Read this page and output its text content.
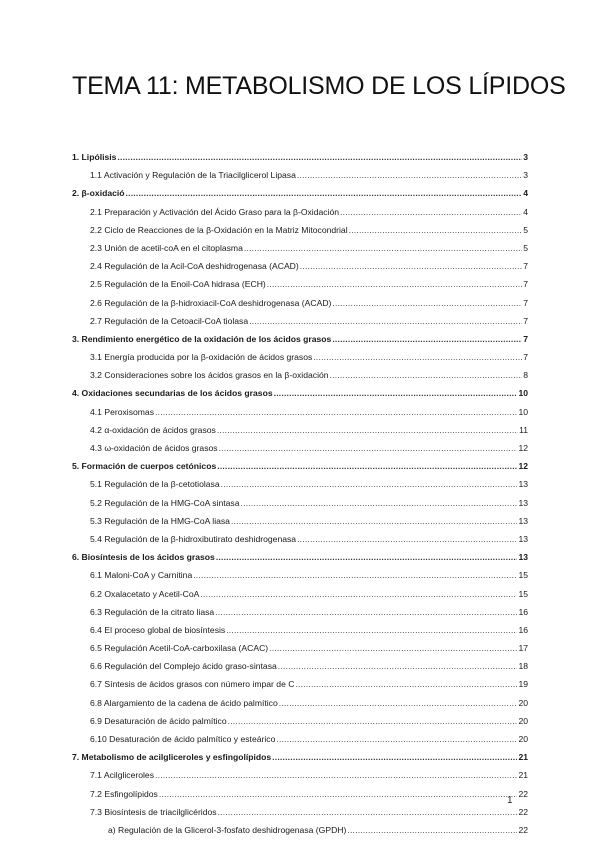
TEMA 11: METABOLISMO DE LOS LÍPIDOS
1. Lipólisis .....	3
1.1 Activación y Regulación de la Triacilglicerol Lipasa .....	3
2. β-oxidació .....	4
2.1 Preparación y Activación del Ácido Graso para la β-Oxidación .....	4
2.2 Ciclo de Reacciones de la β-Oxidación en la Matriz Mitocondrial .....	5
2.3 Unión de acetil-coA en el citoplasma .....	5
2.4 Regulación de la Acil-CoA deshidrogenasa (ACAD) .....	7
2.5 Regulación de la Enoil-CoA hidrasa (ECH) .....	7
2.6 Regulación de la β-hidroxiacil-CoA deshidrogenasa (ACAD) .....	7
2.7 Regulación de la Cetoacil-CoA tiolasa .....	7
3. Rendimiento energético de la oxidación de los ácidos grasos .....	7
3.1 Energía producida por la β-oxidación de ácidos grasos .....	7
3.2 Consideraciones sobre los ácidos grasos en la β-oxidación .....	8
4. Oxidaciones secundarias de los ácidos grasos .....	10
4.1 Peroxisomas .....	10
4.2 α-oxidación de ácidos grasos .....	11
4.3 ω-oxidación de ácidos grasos .....	12
5. Formación de cuerpos cetónicos .....	12
5.1 Regulación de la β-cetotiolasa .....	13
5.2 Regulación de la HMG-CoA sintasa .....	13
5.3 Regulación de la HMG-CoA liasa .....	13
5.4 Regulación de la β-hidroxibutirato deshidrogenasa .....	13
6. Biosíntesis de los ácidos grasos .....	13
6.1 Maloni-CoA y Carnitina .....	15
6.2 Oxalacetato y Acetil-CoA .....	15
6.3 Regulación de la citrato liasa .....	16
6.4 El proceso global de biosíntesis .....	16
6.5 Regulación Acetil-CoA-carboxilasa (ACAC) .....	17
6.6 Regulación del Complejo ácido graso-sintasa .....	18
6.7 Síntesis de ácidos grasos con número impar de C .....	19
6.8 Alargamiento de la cadena de ácido palmítico .....	20
6.9 Desaturación de ácido palmítico .....	20
6.10 Desaturación de ácido palmítico y esteárico .....	20
7. Metabolismo de acilgliceroles y esfingolípidos .....	21
7.1 Acilgliceroles .....	21
7.2 Esfingolípidos .....	22
7.3 Biosíntesis de triacilglicéridos .....	22
a) Regulación de la Glicerol-3-fosfato deshidrogenasa (GPDH) .....	22
1
